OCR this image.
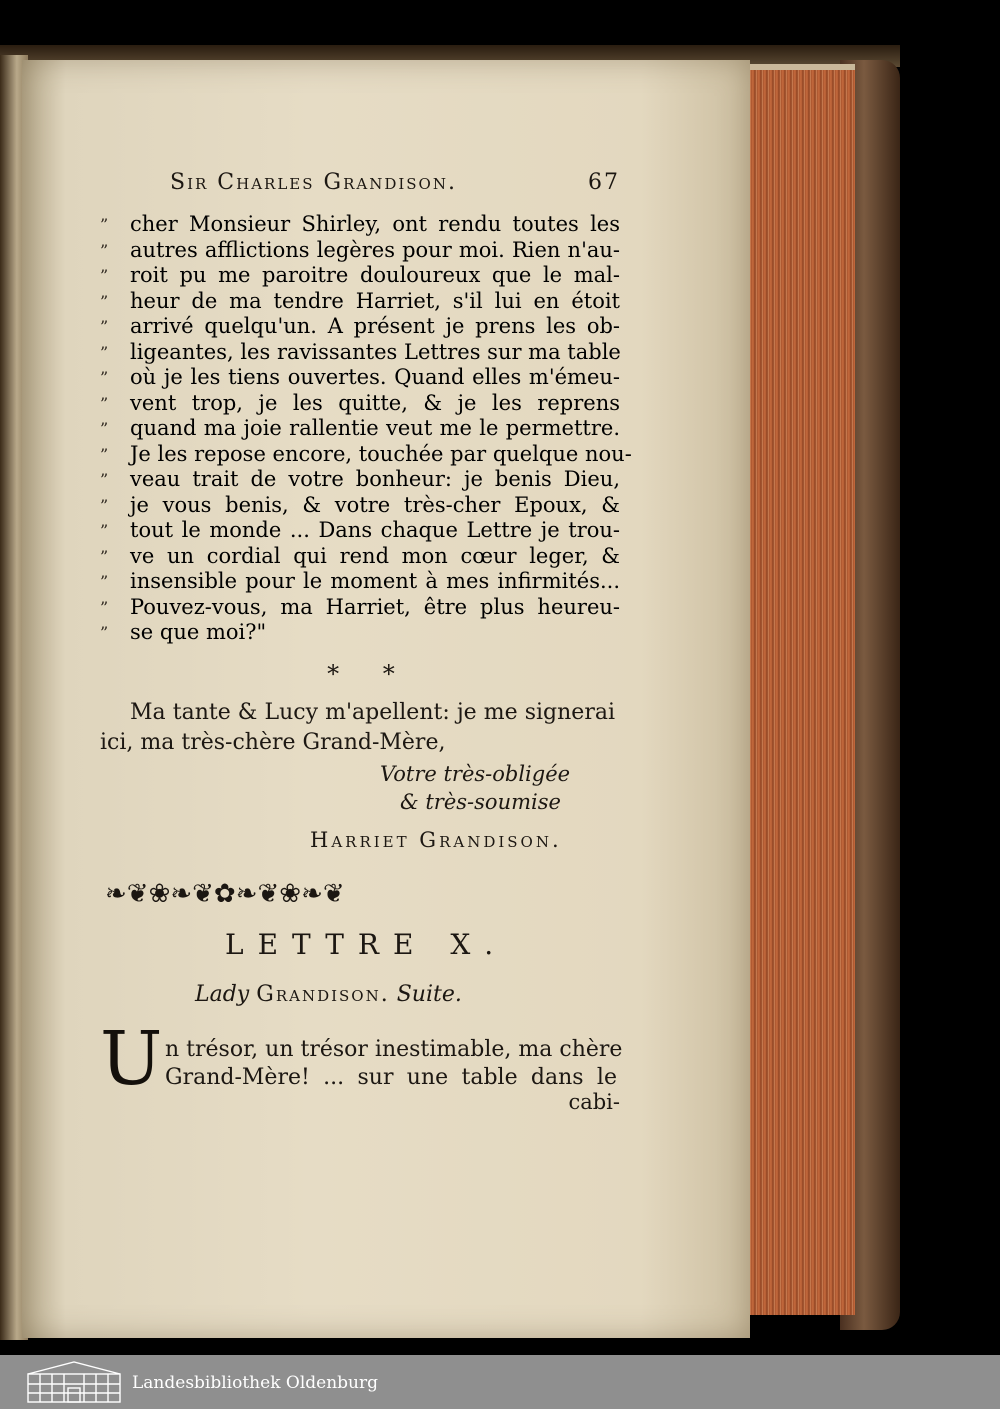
Sir Charles Grandison.	67
”	cher Monsieur Shirley, ont rendu toutes les
”	autres afflictions legères pour moi. Rien n'au-
”	roit pu me paroitre douloureux que le mal-
”	heur de ma tendre Harriet, s'il lui en étoit
”	arrivé quelqu'un. A présent je prens les ob-
”	ligeantes, les ravissantes Lettres sur ma table
”	où je les tiens ouvertes. Quand elles m'émeu-
”	vent trop, je les quitte, & je les reprens
”	quand ma joie rallentie veut me le permettre.
”	Je les repose encore, touchée par quelque nou-
”	veau trait de votre bonheur: je benis Dieu,
”	je vous benis, & votre très-cher Epoux, &
”	tout le monde ... Dans chaque Lettre je trou-
”	ve un cordial qui rend mon cœur leger, &
”	insensible pour le moment à mes infirmités...
”	Pouvez-vous, ma Harriet, être plus heureu-
”	se que moi?"
* *
Ma tante & Lucy m'apellent: je me signerai
ici, ma très-chère Grand-Mère,
Votre très-obligée
& très-soumise
Harriet Grandison.
❧❦❀❧❦✿❧❦❀❧❦
LETTRE X.
Lady Grandison. Suite.
U n trésor, un trésor inestimable, ma chère
Grand-Mère! ... sur une table dans le
cabi-
Landesbibliothek Oldenburg
